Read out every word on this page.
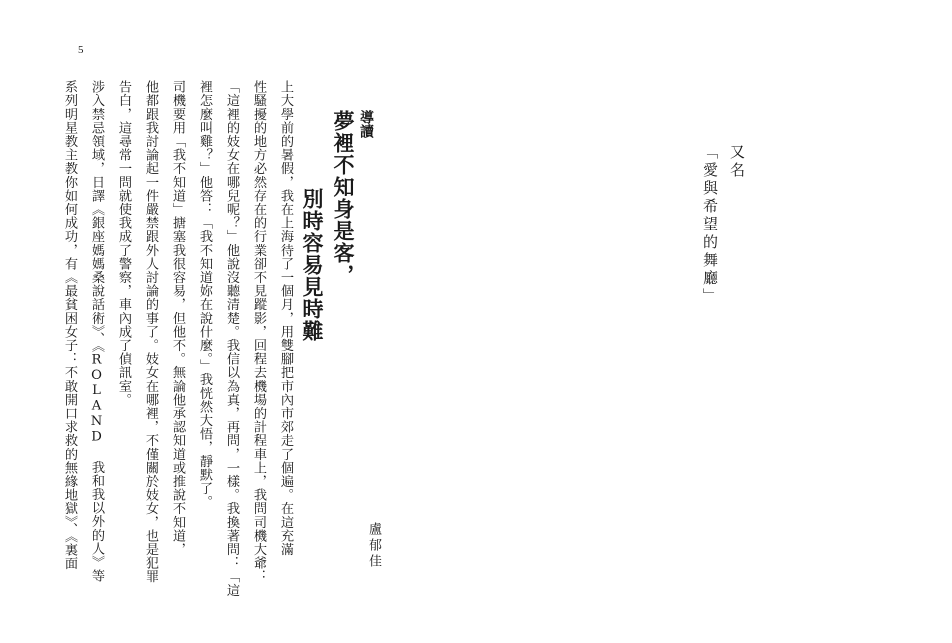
5
又名
「愛與希望的舞廳」
導讀
夢裡不知身是客，
別時容易見時難
盧郁佳
上大學前的暑假，我在上海待了一個月，用雙腳把市內市郊走了個遍。在這充滿
性騷擾的地方必然存在的行業卻不見蹤影，回程去機場的計程車上，我問司機大爺：
「這裡的妓女在哪兒呢？」他說沒聽清楚。我信以為真，再問，一樣。我換著問：「這
裡怎麼叫雞？」他答：「我不知道妳在說什麼。」我恍然大悟，靜默了。
司機要用「我不知道」搪塞我很容易，但他不。無論他承認知道或推說不知道，
他都跟我討論起一件嚴禁跟外人討論的事了。妓女在哪裡，不僅關於妓女，也是犯罪
告白，這尋常一問就使我成了警察，車內成了偵訊室。
涉入禁忌領域，日譯《銀座媽媽桑說話術》、《ROLAND 我和我以外的人》等
系列明星教主教你如何成功，有《最貧困女子：不敢開口求救的無緣地獄》、《裏面
